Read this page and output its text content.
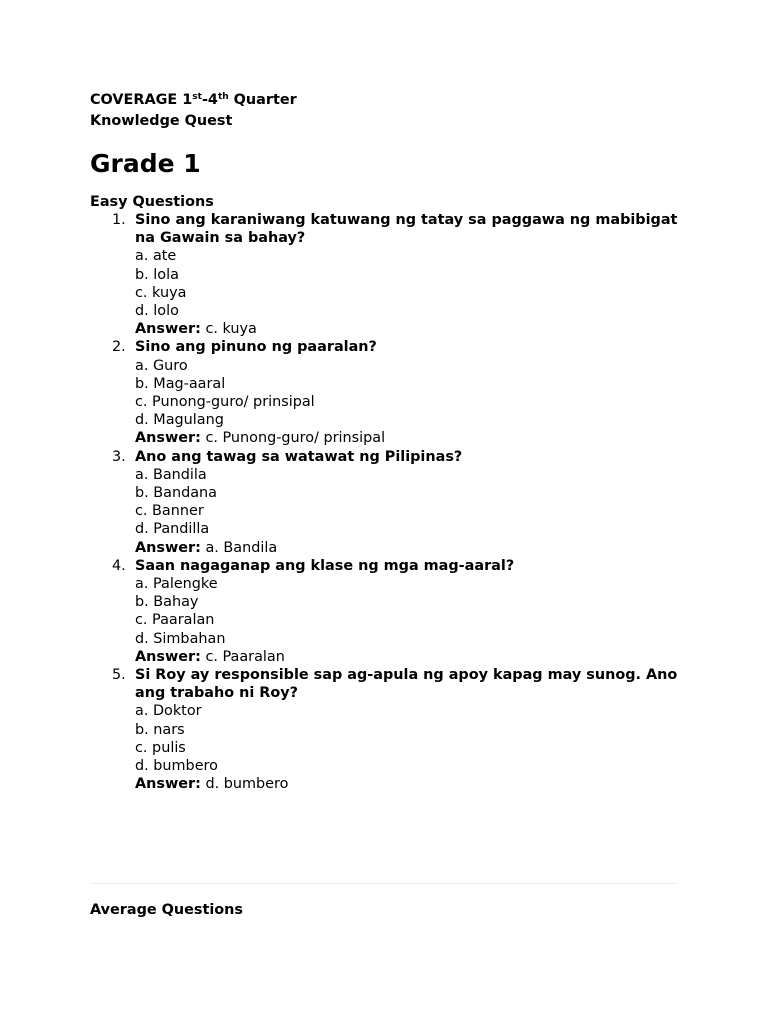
COVERAGE 1st-4th Quarter

Knowledge Quest

Grade 1

Easy Questions

1. Sino ang karaniwang katuwang ng tatay sa paggawa ng mabibigat na Gawain sa bahay?
a. ate
b. lola
c. kuya
d. lolo
Answer: c. kuya
2. Sino ang pinuno ng paaralan?
a. Guro
b. Mag-aaral
c. Punong-guro/ prinsipal
d. Magulang
Answer: c. Punong-guro/ prinsipal
3. Ano ang tawag sa watawat ng Pilipinas?
a. Bandila
b. Bandana
c. Banner
d. Pandilla
Answer: a. Bandila
4. Saan nagaganap ang klase ng mga mag-aaral?
a. Palengke
b. Bahay
c. Paaralan
d. Simbahan
Answer: c. Paaralan
5. Si Roy ay responsible sap ag-apula ng apoy kapag may sunog. Ano ang trabaho ni Roy?
a. Doktor
b. nars
c. pulis
d. bumbero
Answer: d. bumbero
Average Questions
